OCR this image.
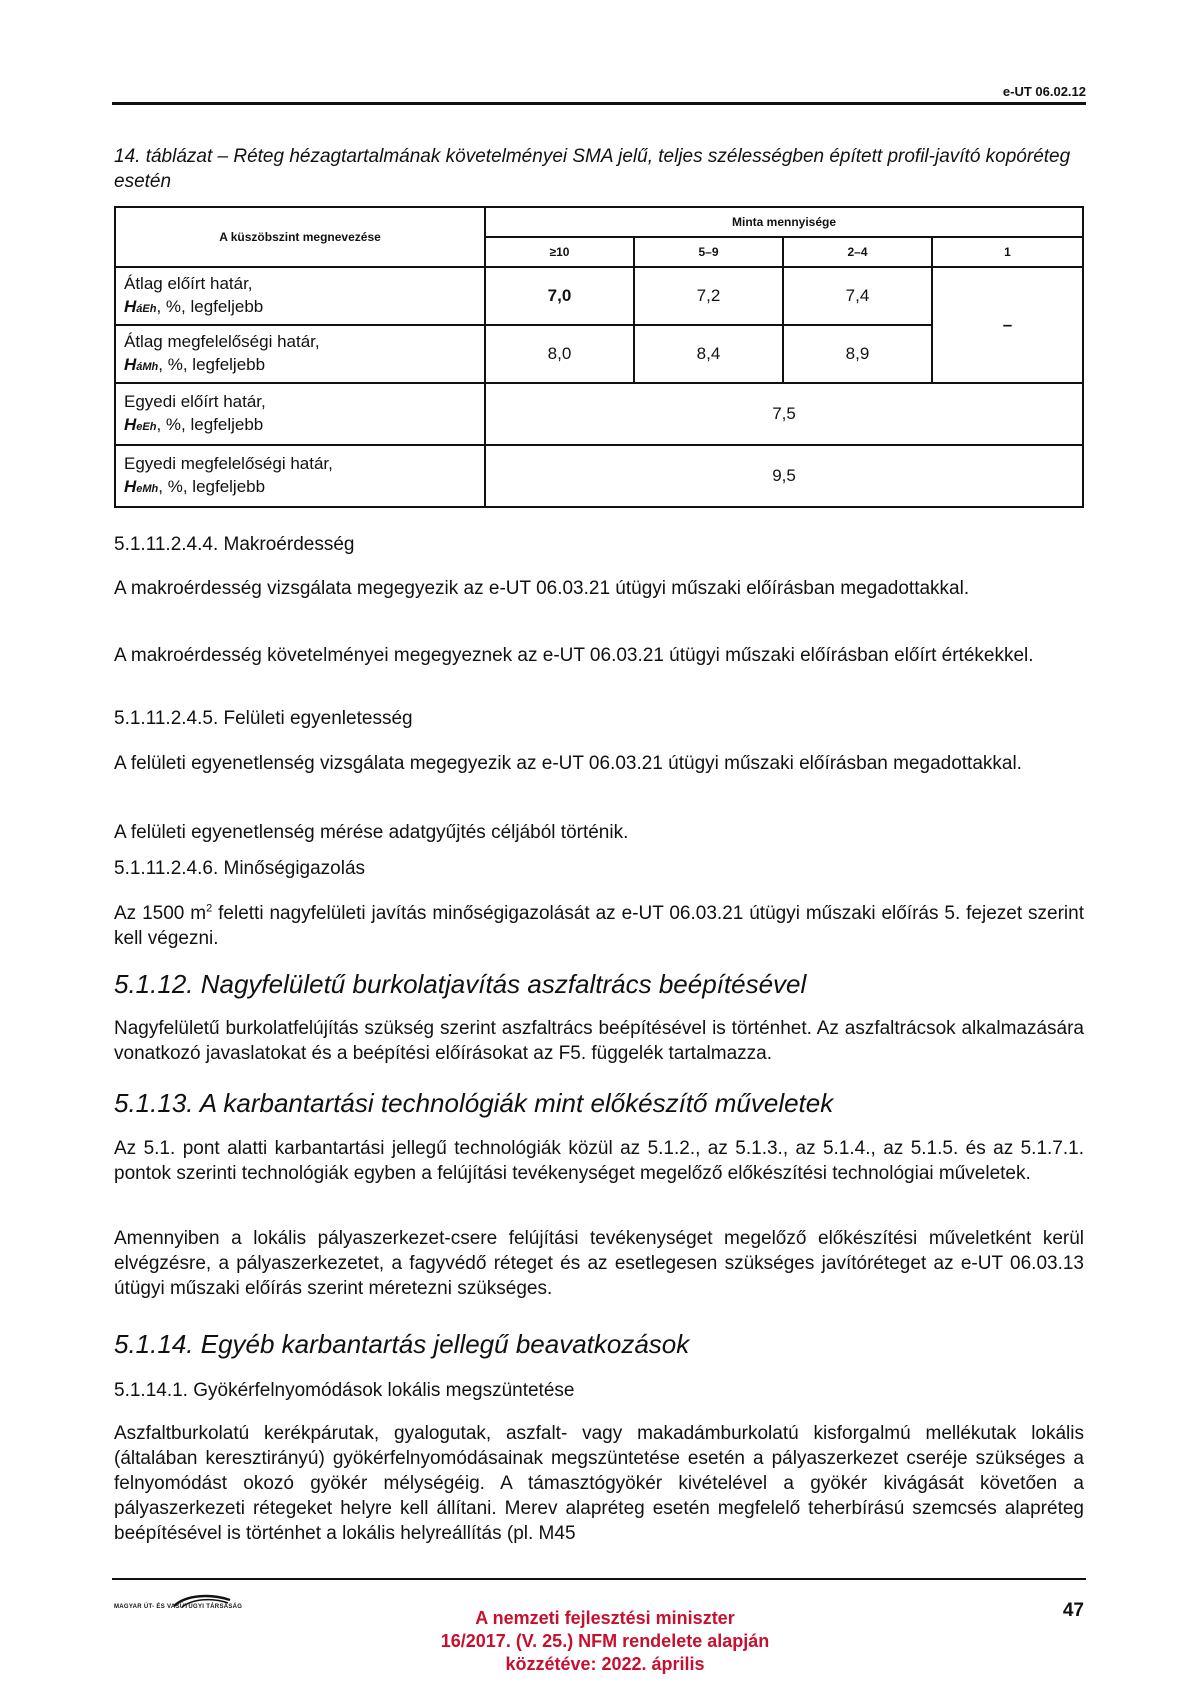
e-UT 06.02.12
14. táblázat – Réteg hézagtartalmának követelményei SMA jelű, teljes szélességben épített profil-javító kopóréteg esetén
A küszöbszint megnevezése	Minta mennyisége			
	≥10	5–9	2–4	1
Átlag előírt határ,
HáEh, %, legfeljebb	7,0	7,2	7,4	–
Átlag megfelelőségi határ,
HáMh, %, legfeljebb	8,0	8,4	8,9	
Egyedi előírt határ,
HeEh, %, legfeljebb	7,5			
Egyedi megfelelőségi határ,
HeMh, %, legfeljebb	9,5			
5.1.11.2.4.4. Makroérdesség
A makroérdesség vizsgálata megegyezik az e-UT 06.03.21 útügyi műszaki előírásban megadottakkal.
A makroérdesség követelményei megegyeznek az e-UT 06.03.21 útügyi műszaki előírásban előírt értékekkel.
5.1.11.2.4.5. Felületi egyenletesség
A felületi egyenetlenség vizsgálata megegyezik az e-UT 06.03.21 útügyi műszaki előírásban megadottakkal.
A felületi egyenetlenség mérése adatgyűjtés céljából történik.
5.1.11.2.4.6. Minőségigazolás
Az 1500 $m^2$ feletti nagyfelületi javítás minőségigazolását az e-UT 06.03.21 útügyi műszaki előírás 5. fejezet szerint kell végezni.
5.1.12. Nagyfelületű burkolatjavítás aszfaltrács beépítésével
Nagyfelületű burkolatfelújítás szükség szerint aszfaltrács beépítésével is történhet. Az aszfaltrácsok alkalmazására vonatkozó javaslatokat és a beépítési előírásokat az F5. függelék tartalmazza.
5.1.13. A karbantartási technológiák mint előkészítő műveletek
Az 5.1. pont alatti karbantartási jellegű technológiák közül az 5.1.2., az 5.1.3., az 5.1.4., az 5.1.5. és az 5.1.7.1. pontok szerinti technológiák egyben a felújítási tevékenységet megelőző előkészítési technológiai műveletek.
Amennyiben a lokális pályaszerkezet-csere felújítási tevékenységet megelőző előkészítési műveletként kerül elvégzésre, a pályaszerkezetet, a fagyvédő réteget és az esetlegesen szükséges javítóréteget az e-UT 06.03.13 útügyi műszaki előírás szerint méretezni szükséges.
5.1.14. Egyéb karbantartás jellegű beavatkozások
5.1.14.1. Gyökérfelnyomódások lokális megszüntetése
Aszfaltburkolatú kerékpárutak, gyalogutak, aszfalt- vagy makadámburkolatú kisforgalmú mellékutak lokális (általában keresztirányú) gyökérfelnyomódásainak megszüntetése esetén a pályaszerkezet cseréje szükséges a felnyomódást okozó gyökér mélységéig. A támasztógyökér kivételével a gyökér kivágását követően a pályaszerkezeti rétegeket helyre kell állítani. Merev alapréteg esetén megfelelő teherbírású szemcsés alapréteg beépítésével is történhet a lokális helyreállítás (pl. M45
MAGYAR ÚT- ÉS VASÚTÜGYI TÁRSASÁG	47
A nemzeti fejlesztési miniszter
16/2017. (V. 25.) NFM rendelete alapján
közzétéve: 2022. április
